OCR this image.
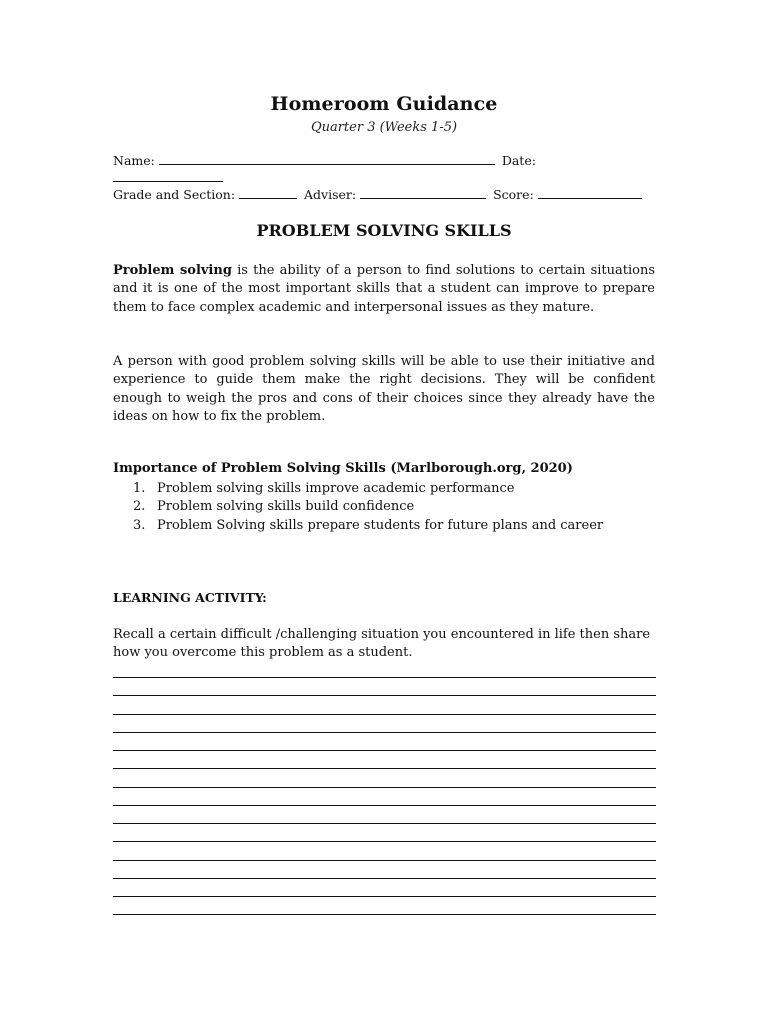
Homeroom Guidance
Quarter 3 (Weeks 1-5)
Name:	Date:
Grade and Section:	Adviser:	Score:
PROBLEM SOLVING SKILLS

Problem solving is the ability of a person to find solutions to certain situations and it is one of the most important skills that a student can improve to prepare them to face complex academic and interpersonal issues as they mature.

A person with good problem solving skills will be able to use their initiative and experience to guide them make the right decisions. They will be confident enough to weigh the pros and cons of their choices since they already have the ideas on how to fix the problem.

Importance of Problem Solving Skills (Marlborough.org, 2020)
1. Problem solving skills improve academic performance
2. Problem solving skills build confidence
3. Problem Solving skills prepare students for future plans and career
LEARNING ACTIVITY:
Recall a certain difficult /challenging situation you encountered in life then share how you overcome this problem as a student.
